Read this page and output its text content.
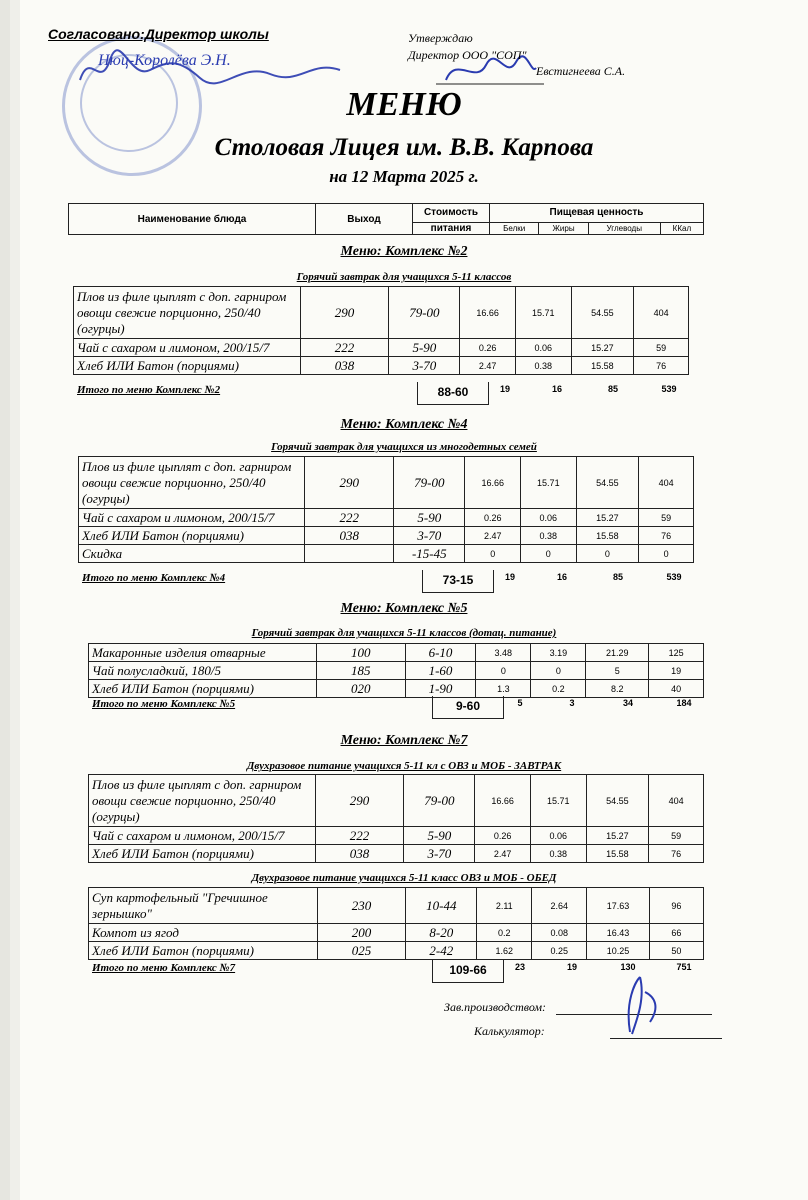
Согласовано:Директор школы
Нюц-Королёва Э.Н.
Утверждаю
Директор ООО "СОП"
Евстигнеева С.А.
МЕНЮ
Столовая Лицея им. В.В. Карпова
на 12 Марта 2025 г.
Наименование блюда	Выход	Стоимость	Пищевая ценность			
		питания	Белки	Жиры	Углеводы	ККал
Меню: Комплекс №2
Горячий завтрак для учащихся 5-11 классов
Плов из филе цыплят с доп. гарниром овощи свежие порционно, 250/40 (огурцы)	290	79-00	16.66	15.71	54.55	404
Чай с сахаром и лимоном, 200/15/7	222	5-90	0.26	0.06	15.27	59
Хлеб ИЛИ Батон (порциями)	038	3-70	2.47	0.38	15.58	76
Итого по меню Комплекс №2	88-60	19	16	85	539
Меню: Комплекс №4
Горячий завтрак для учащихся из многодетных семей
Плов из филе цыплят с доп. гарниром овощи свежие порционно, 250/40 (огурцы)	290	79-00	16.66	15.71	54.55	404
Чай с сахаром и лимоном, 200/15/7	222	5-90	0.26	0.06	15.27	59
Хлеб ИЛИ Батон (порциями)	038	3-70	2.47	0.38	15.58	76
Скидка		-15-45	0	0	0	0
Итого по меню Комплекс №4	73-15	19	16	85	539
Меню: Комплекс №5
Горячий завтрак для учащихся 5-11 классов (дотац. питание)
Макаронные изделия отварные	100	6-10	3.48	3.19	21.29	125
Чай полусладкий, 180/5	185	1-60	0	0	5	19
Хлеб ИЛИ Батон (порциями)	020	1-90	1.3	0.2	8.2	40
Итого по меню Комплекс №5	9-60	5	3	34	184
Меню: Комплекс №7
Двухразовое питание учащихся 5-11 кл с ОВЗ и МОБ - ЗАВТРАК
Плов из филе цыплят с доп. гарниром овощи свежие порционно, 250/40 (огурцы)	290	79-00	16.66	15.71	54.55	404
Чай с сахаром и лимоном, 200/15/7	222	5-90	0.26	0.06	15.27	59
Хлеб ИЛИ Батон (порциями)	038	3-70	2.47	0.38	15.58	76
Двухразовое питание учащихся 5-11 класс ОВЗ и МОБ - ОБЕД
Суп картофельный "Гречишное зернышко"	230	10-44	2.11	2.64	17.63	96
Компот из ягод	200	8-20	0.2	0.08	16.43	66
Хлеб ИЛИ Батон (порциями)	025	2-42	1.62	0.25	10.25	50
Итого по меню Комплекс №7	109-66	23	19	130	751
Зав.производством:
Калькулятор:
